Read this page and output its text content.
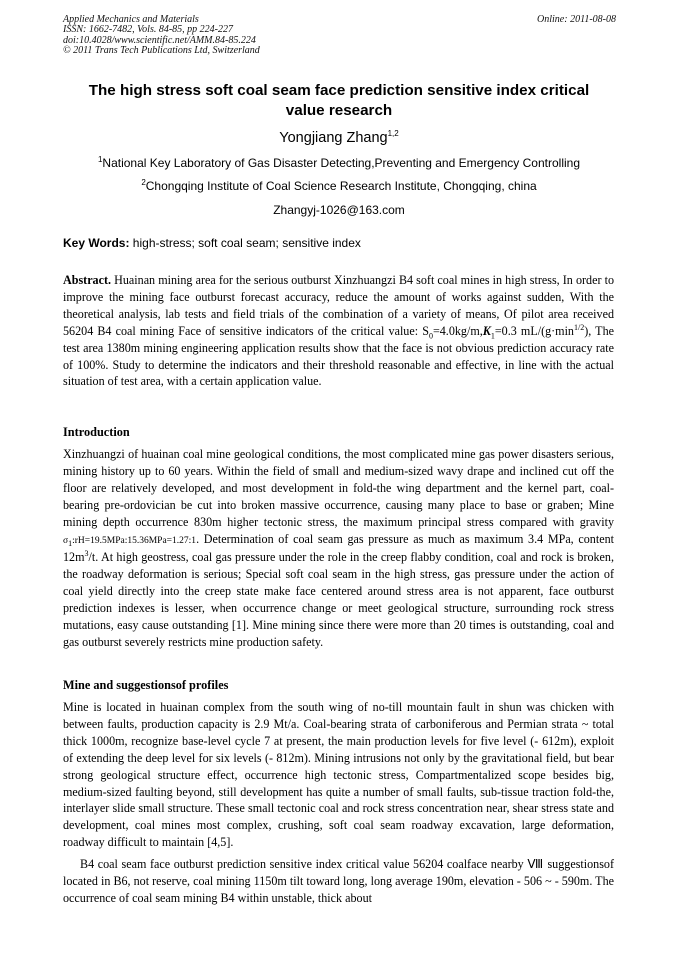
Applied Mechanics and Materials
ISSN: 1662-7482, Vols. 84-85, pp 224-227
doi:10.4028/www.scientific.net/AMM.84-85.224
© 2011 Trans Tech Publications Ltd, Switzerland
Online: 2011-08-08
The high stress soft coal seam face prediction sensitive index critical
value research
Yongjiang Zhang$^{1,2}$
$^1$National Key Laboratory of Gas Disaster Detecting,Preventing and Emergency Controlling
$^2$Chongqing Institute of Coal Science Research Institute, Chongqing, china
Zhangyj-1026@163.com
Key Words: high-stress; soft coal seam; sensitive index
Abstract. Huainan mining area for the serious outburst Xinzhuangzi B4 soft coal mines in high stress, In order to improve the mining face outburst forecast accuracy, reduce the amount of works against sudden, With the theoretical analysis, lab tests and field trials of the combination of a variety of means, Of pilot area received 56204 B4 coal mining Face of sensitive indicators of the critical value: $S_0=4.0kg/m,K_1=0.3$ $mL/(g\cdot\min^{1/2})$, The test area 1380m mining engineering application results show that the face is not obvious prediction accuracy rate of 100%. Study to determine the indicators and their threshold reasonable and effective, in line with the actual situation of test area, with a certain application value.
Introduction
Xinzhuangzi of huainan coal mine geological conditions, the most complicated mine gas power disasters serious, mining history up to 60 years. Within the field of small and medium-sized wavy drape and inclined cut off the floor are relatively developed, and most development in fold-the wing department and the kernel part, coal-bearing pre-ordovician be cut into broken massive occurrence, causing many place to base or graben; Mine mining depth occurrence 830m higher tectonic stress, the maximum principal stress compared with gravity $\sigma_1:rH=19.5MPa:15.36MPa=1.27:1$. Determination of coal seam gas pressure as much as maximum 3.4 MPa, content $12m^3/t$. At high geostress, coal gas pressure under the role in the creep flabby condition, coal and rock is broken, the roadway deformation is serious; Special soft coal seam in the high stress, gas pressure under the action of coal yield directly into the creep state make face centered around stress area is not apparent, face outburst prediction indexes is lesser, when occurrence change or meet geological structure, surrounding rock stress mutations, easy cause outstanding [1]. Mine mining since there were more than 20 times is outstanding, coal and gas outburst severely restricts mine production safety.
Mine and suggestionsof profiles
Mine is located in huainan complex from the south wing of no-till mountain fault in shun was chicken with between faults, production capacity is 2.9 Mt/a. Coal-bearing strata of carboniferous and Permian strata ~ total thick 1000m, recognize base-level cycle 7 at present, the main production levels for five level (- 612m), exploit of extending the deep level for six levels (- 812m). Mining intrusions not only by the gravitational field, but bear strong geological structure effect, occurrence high tectonic stress, Compartmentalized scope besides big, medium-sized faulting beyond, still development has quite a number of small faults, sub-tissue traction fold-the, interlayer slide small structure. These small tectonic coal and rock stress concentration near, shear stress state and development, coal mines most complex, crushing, soft coal seam roadway excavation, large deformation, roadway difficult to maintain [4,5].
B4 coal seam face outburst prediction sensitive index critical value 56204 coalface nearby Ⅷ suggestionsof located in B6, not reserve, coal mining 1150m tilt toward long, long average 190m, elevation - 506 ~ - 590m. The occurrence of coal seam mining B4 within unstable, thick about
